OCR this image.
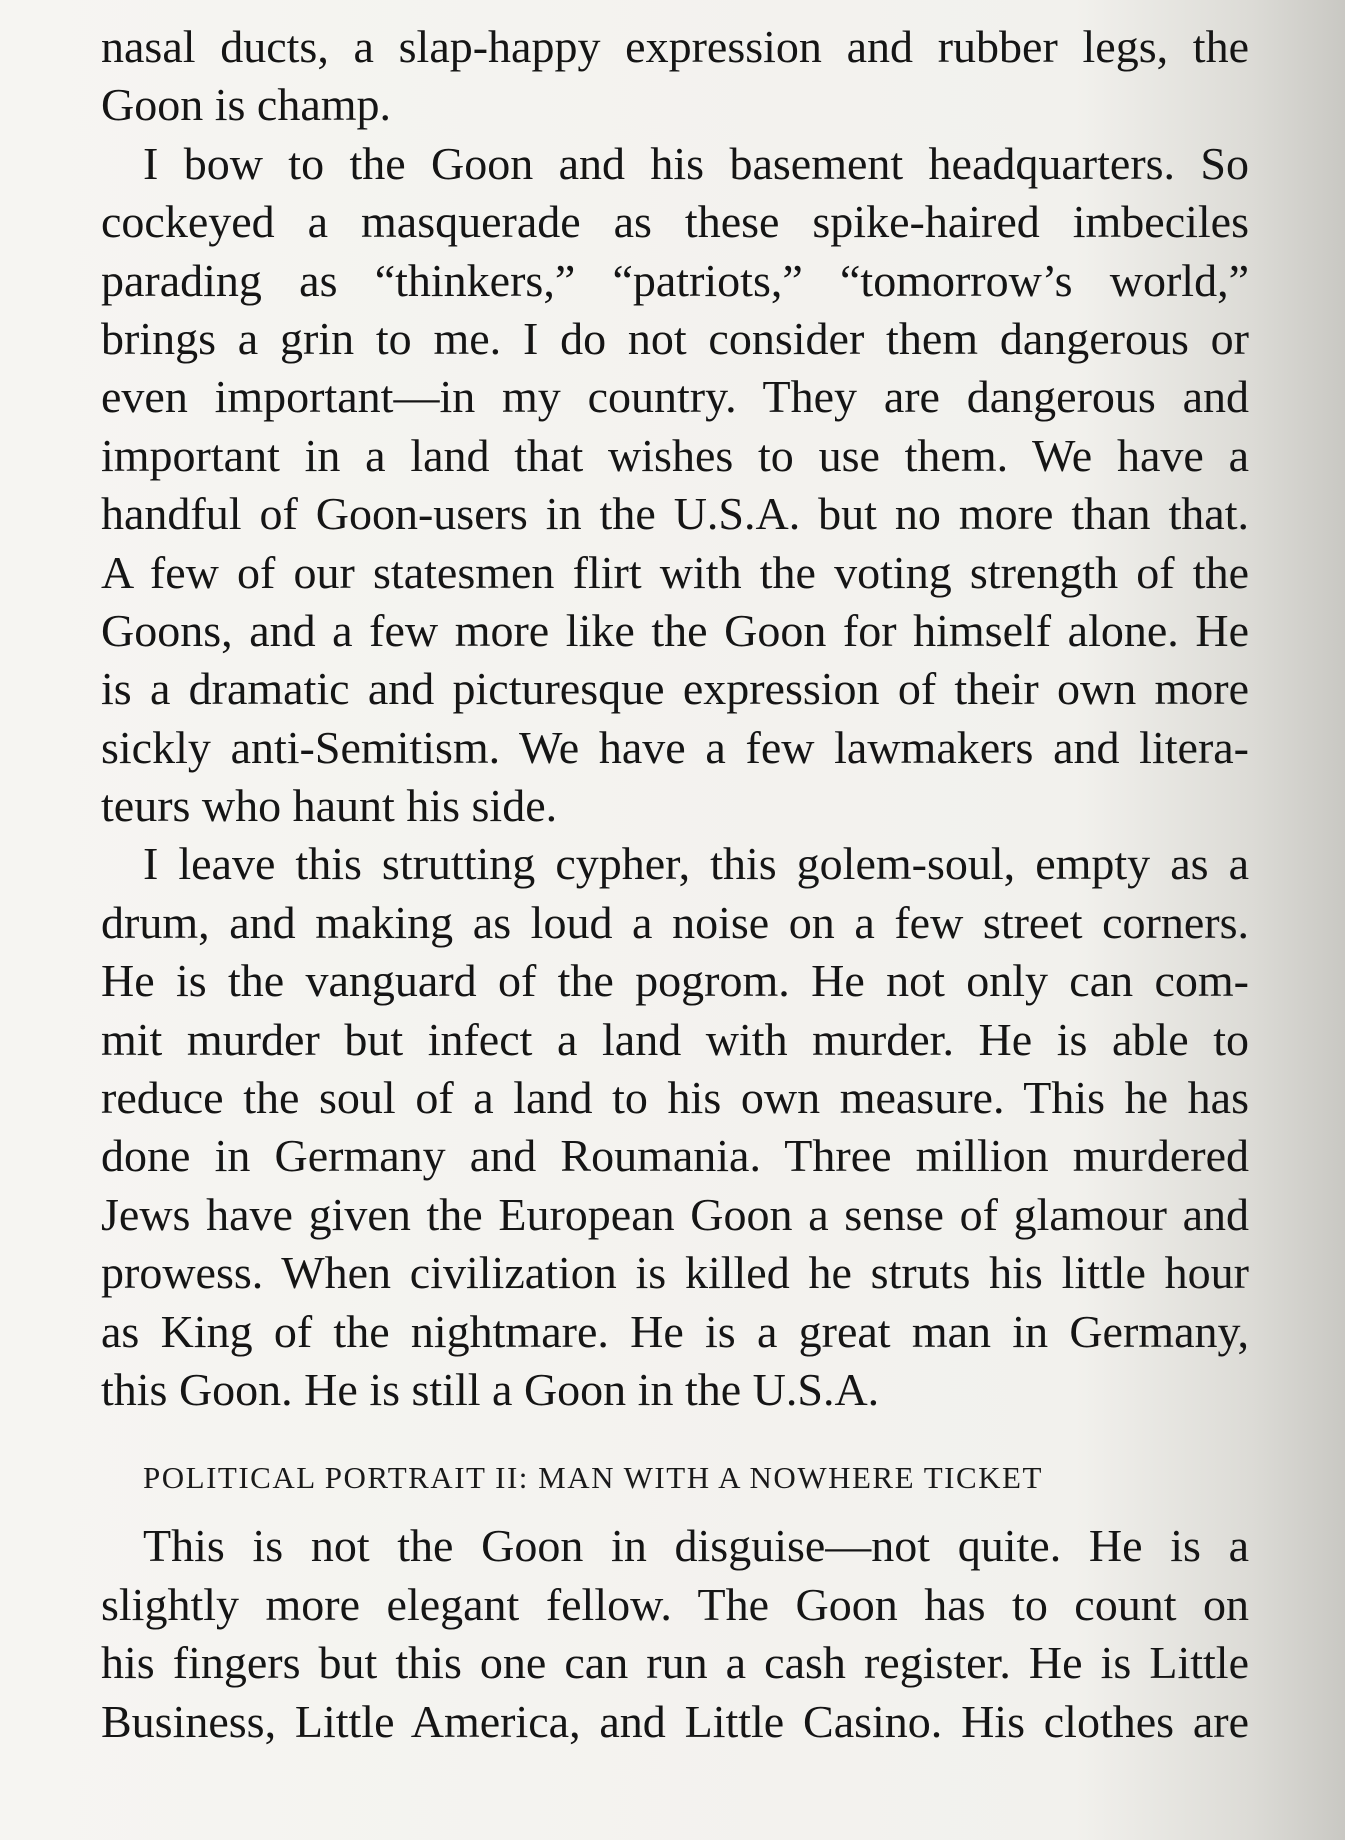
nasal ducts, a slap-happy expression and rubber legs, the
Goon is champ.
I bow to the Goon and his basement headquarters. So
cockeyed a masquerade as these spike-haired imbeciles
parading as “thinkers,” “patriots,” “tomorrow’s world,”
brings a grin to me. I do not consider them dangerous or
even important—in my country. They are dangerous and
important in a land that wishes to use them. We have a
handful of Goon-users in the U.S.A. but no more than that.
A few of our statesmen flirt with the voting strength of the
Goons, and a few more like the Goon for himself alone. He
is a dramatic and picturesque expression of their own more
sickly anti-Semitism. We have a few lawmakers and litera-
teurs who haunt his side.
I leave this strutting cypher, this golem-soul, empty as a
drum, and making as loud a noise on a few street corners.
He is the vanguard of the pogrom. He not only can com-
mit murder but infect a land with murder. He is able to
reduce the soul of a land to his own measure. This he has
done in Germany and Roumania. Three million murdered
Jews have given the European Goon a sense of glamour and
prowess. When civilization is killed he struts his little hour
as King of the nightmare. He is a great man in Germany,
this Goon. He is still a Goon in the U.S.A.
POLITICAL PORTRAIT II: MAN WITH A NOWHERE TICKET
This is not the Goon in disguise—not quite. He is a
slightly more elegant fellow. The Goon has to count on
his fingers but this one can run a cash register. He is Little
Business, Little America, and Little Casino. His clothes are
